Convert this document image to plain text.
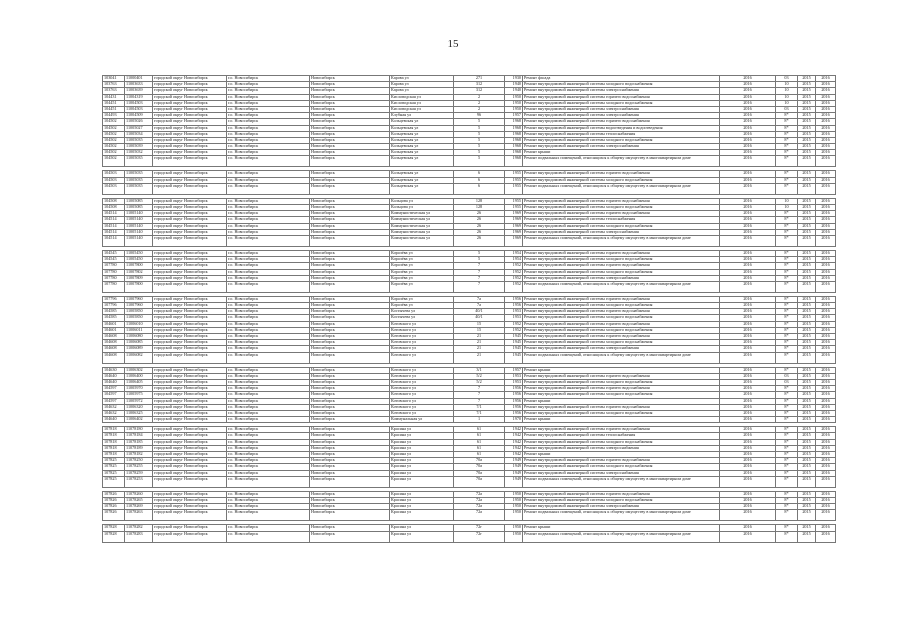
15
103041	11000401	городской округ Новосибирск	г.о. Новосибирск	Новосибирск	Карова ул	271	1930	Ремонт фасада	2016	03	2015	2016
103763	11003633	городской округ Новосибирск	г.о. Новосибирск	Новосибирск	Карова ул	312	1940	Ремонт внутридомовой инженерной системы холодного водоснабжения	2016	10	2015	2016
103763	11003639	городской округ Новосибирск	г.о. Новосибирск	Новосибирск	Карова ул	312	1940	Ремонт внутридомовой инженерной системы электроснабжения	2016	10	2015	2016
104431	11004319	городской округ Новосибирск	г.о. Новосибирск	Новосибирск	Кисловодская ул	2	1950	Ремонт внутридомовой инженерной системы горячего водоснабжения	2016	10	2015	2016
104451	11004503	городской округ Новосибирск	г.о. Новосибирск	Новосибирск	Кисловодская ул	2	1950	Ремонт внутридомовой инженерной системы холодного водоснабжения	2016	10	2015	2016
104451	11004503	городской округ Новосибирск	г.о. Новосибирск	Новосибирск	Кисловодская ул	2	1950	Ремонт внутридомовой инженерной системы электроснабжения	2016	03	2015	2016
104493	11004509	городской округ Новосибирск	г.о. Новосибирск	Новосибирск	Клубная ул	96	1957	Ремонт внутридомовой инженерной системы электроснабжения	2016	8*	2015	2016
104502	11005026	городской округ Новосибирск	г.о. Новосибирск	Новосибирск	Кольцевская ул	5	1968	Ремонт внутридомовой инженерной системы горячего водоснабжения	2016	8*	2015	2016
104502	11005027	городской округ Новосибирск	г.о. Новосибирск	Новосибирск	Кольцевская ул	5	1968	Ремонт внутридомовой инженерной системы водоотведения и водоотведения	2016	8*	2015	2016
104502	11005034	городской округ Новосибирск	г.о. Новосибирск	Новосибирск	Кольцевская ул	5	1968	Ремонт внутридомовой инженерной системы теплоснабжения	2016	8*	2015	2016
104502	11005035	городской округ Новосибирск	г.о. Новосибирск	Новосибирск	Кольцевская ул	5	1968	Ремонт внутридомовой инженерной системы холодного водоснабжения	2016	8*	2015	2016
104502	11005039	городской округ Новосибирск	г.о. Новосибирск	Новосибирск	Кольцевская ул	5	1968	Ремонт внутридомовой инженерной системы электроснабжения	2016	8*	2015	2016
104502	11005032	городской округ Новосибирск	г.о. Новосибирск	Новосибирск	Кольцевская ул	5	1968	Ремонт крыши	2016	8*	2015	2016
104502	11005035	городской округ Новосибирск	г.о. Новосибирск	Новосибирск	Кольцевская ул	5	1968	Ремонт подвальных помещений, относящихся к общему имуществу в многоквартирном доме	2016	8*	2015	2016

104503	11005035	городской округ Новосибирск	г.о. Новосибирск	Новосибирск	Кольцевская ул	6	1955	Ремонт внутридомовой инженерной системы горячего водоснабжения	2016	8*	2015	2016
104503	11005035	городской округ Новосибирск	г.о. Новосибирск	Новосибирск	Кольцевская ул	6	1955	Ремонт внутридомовой инженерной системы холодного водоснабжения	2016	8*	2015	2016
104503	11005035	городской округ Новосибирск	г.о. Новосибирск	Новосибирск	Кольцевская ул	6	1955	Ремонт подвальных помещений, относящихся к общему имуществу в многоквартирном доме	2016	8*	2015	2016

104508	11005085	городской округ Новосибирск	г.о. Новосибирск	Новосибирск	Кольцова ул	128	1955	Ремонт внутридомовой инженерной системы горячего водоснабжения	2016	10	2015	2016
104508	11005085	городской округ Новосибирск	г.о. Новосибирск	Новосибирск	Кольцова ул	128	1955	Ремонт внутридомовой инженерной системы холодного водоснабжения	2016	10	2015	2016
104514	11005140	городской округ Новосибирск	г.о. Новосибирск	Новосибирск	Коммунистическая ул	26	1969	Ремонт внутридомовой инженерной системы горячего водоснабжения	2016	8*	2015	2016
104514	11005140	городской округ Новосибирск	г.о. Новосибирск	Новосибирск	Коммунистическая ул	26	1969	Ремонт внутридомовой инженерной системы теплоснабжения	2016	8*	2015	2016
104514	11005140	городской округ Новосибирск	г.о. Новосибирск	Новосибирск	Коммунистическая ул	26	1969	Ремонт внутридомовой инженерной системы холодного водоснабжения	2016	8*	2015	2016
104514	11005140	городской округ Новосибирск	г.о. Новосибирск	Новосибирск	Коммунистическая ул	26	1969	Ремонт внутридомовой инженерной системы электроснабжения	2016	8*	2015	2016
104514	11005140	городской округ Новосибирск	г.о. Новосибирск	Новосибирск	Коммунистическая ул	26	1969	Ремонт подвальных помещений, относящихся к общему имуществу в многоквартирном доме	2016	8*	2015	2016

104545	11005450	городской округ Новосибирск	г.о. Новосибирск	Новосибирск	Королёва ул	5	1954	Ремонт внутридомовой инженерной системы горячего водоснабжения	2016	8*	2015	2016
104545	11005450	городской округ Новосибирск	г.о. Новосибирск	Новосибирск	Королёва ул	5	1954	Ремонт внутридомовой инженерной системы холодного водоснабжения	2016	8*	2015	2016
107780	11007800	городской округ Новосибирск	г.о. Новосибирск	Новосибирск	Королёва ул	7	1952	Ремонт внутридомовой инженерной системы горячего водоснабжения	2016	8*	2015	2016
107780	11007802	городской округ Новосибирск	г.о. Новосибирск	Новосибирск	Королёва ул	7	1952	Ремонт внутридомовой инженерной системы холодного водоснабжения	2016	8*	2015	2016
107780	11007809	городской округ Новосибирск	г.о. Новосибирск	Новосибирск	Королёва ул	7	1952	Ремонт внутридомовой инженерной системы электроснабжения	2016	8*	2015	2016
107780	11007800	городской округ Новосибирск	г.о. Новосибирск	Новосибирск	Королёва ул	7	1952	Ремонт подвальных помещений, относящихся к общему имуществу в многоквартирном доме	2016	8*	2015	2016

107796	11007960	городской округ Новосибирск	г.о. Новосибирск	Новосибирск	Королёва ул	7а	1956	Ремонт внутридомовой инженерной системы горячего водоснабжения	2016	8*	2015	2016
107796	11007960	городской округ Новосибирск	г.о. Новосибирск	Новосибирск	Королёва ул	7а	1956	Ремонт внутридомовой инженерной системы холодного водоснабжения	2016	8*	2015	2016
104585	11005850	городской округ Новосибирск	г.о. Новосибирск	Новосибирск	Костычева ул	40/1	1953	Ремонт внутридомовой инженерной системы горячего водоснабжения	2016	8*	2015	2016
104585	11005850	городской округ Новосибирск	г.о. Новосибирск	Новосибирск	Костычева ул	40/1	1953	Ремонт внутридомовой инженерной системы холодного водоснабжения	2016	8*	2015	2016
104601	11006010	городской округ Новосибирск	г.о. Новосибирск	Новосибирск	Котовского ул	15	1952	Ремонт внутридомовой инженерной системы горячего водоснабжения	2016	8*	2015	2016
104601	11006011	городской округ Новосибирск	г.о. Новосибирск	Новосибирск	Котовского ул	15	1952	Ремонт внутридомовой инженерной системы холодного водоснабжения	2016	8*	2015	2016
104608	11006080	городской округ Новосибирск	г.о. Новосибирск	Новосибирск	Котовского ул	21	1945	Ремонт внутридомовой инженерной системы горячего водоснабжения	2016	8*	2015	2016
104608	11006085	городской округ Новосибирск	г.о. Новосибирск	Новосибирск	Котовского ул	21	1945	Ремонт внутридомовой инженерной системы холодного водоснабжения	2016	8*	2015	2016
104608	11006089	городской округ Новосибирск	г.о. Новосибирск	Новосибирск	Котовского ул	21	1945	Ремонт внутридомовой инженерной системы электроснабжения	2016	8*	2015	2016
104608	11006082	городской округ Новосибирск	г.о. Новосибирск	Новосибирск	Котовского ул	21	1945	Ремонт подвальных помещений, относящихся к общему имуществу в многоквартирном доме	2016	8*	2015	2016

104630	11006302	городской округ Новосибирск	г.о. Новосибирск	Новосибирск	Котовского ул	3/1	1957	Ремонт крыши	2016	8*	2015	2016
104640	11006400	городской округ Новосибирск	г.о. Новосибирск	Новосибирск	Котовского ул	5/2	1953	Ремонт внутридомовой инженерной системы горячего водоснабжения	2016	03	2015	2016
104640	11006405	городской округ Новосибирск	г.о. Новосибирск	Новосибирск	Котовского ул	5/2	1953	Ремонт внутридомовой инженерной системы холодного водоснабжения	2016	03	2015	2016
104597	11005970	городской округ Новосибирск	г.о. Новосибирск	Новосибирск	Котовского ул	7	1956	Ремонт внутридомовой инженерной системы горячего водоснабжения	2016	8*	2015	2016
104597	11005975	городской округ Новосибирск	г.о. Новосибирск	Новосибирск	Котовского ул	7	1956	Ремонт внутридомовой инженерной системы холодного водоснабжения	2016	8*	2015	2016
104597	11005972	городской округ Новосибирск	г.о. Новосибирск	Новосибирск	Котовского ул	7	1956	Ремонт крыши	2016	8*	2015	2016
104632	11006320	городской округ Новосибирск	г.о. Новосибирск	Новосибирск	Котовского ул	7/1	1956	Ремонт внутридомовой инженерной системы горячего водоснабжения	2016	8*	2015	2016
104632	11006325	городской округ Новосибирск	г.о. Новосибирск	Новосибирск	Котовского ул	7/1	1956	Ремонт внутридомовой инженерной системы холодного водоснабжения	2016	8*	2015	2016
104640	11006402	городской округ Новосибирск	г.о. Новосибирск	Новосибирск	Коммунальная ул	1	1970	Ремонт крыши	2016	8*	2015	2016

107818	11078180	городской округ Новосибирск	г.о. Новосибирск	Новосибирск	Красина ул	61	1942	Ремонт внутридомовой инженерной системы горячего водоснабжения	2016	8*	2015	2016
107818	11078184	городской округ Новосибирск	г.о. Новосибирск	Новосибирск	Красина ул	61	1942	Ремонт внутридомовой инженерной системы теплоснабжения	2016	8*	2015	2016
107818	11078185	городской округ Новосибирск	г.о. Новосибирск	Новосибирск	Красина ул	61	1942	Ремонт внутридомовой инженерной системы холодного водоснабжения	2016	8*	2015	2016
107818	11078189	городской округ Новосибирск	г.о. Новосибирск	Новосибирск	Красина ул	61	1942	Ремонт внутридомовой инженерной системы электроснабжения	2016	8*	2015	2016
107818	11078182	городской округ Новосибирск	г.о. Новосибирск	Новосибирск	Красина ул	61	1942	Ремонт крыши	2016	8*	2015	2016
107825	11078250	городской округ Новосибирск	г.о. Новосибирск	Новосибирск	Красина ул	70а	1949	Ремонт внутридомовой инженерной системы горячего водоснабжения	2016	8*	2015	2016
107825	11078255	городской округ Новосибирск	г.о. Новосибирск	Новосибирск	Красина ул	70а	1949	Ремонт внутридомовой инженерной системы холодного водоснабжения	2016	8*	2015	2016
107825	11078259	городской округ Новосибирск	г.о. Новосибирск	Новосибирск	Красина ул	70а	1949	Ремонт внутридомовой инженерной системы электроснабжения	2016	8*	2015	2016
107825	11078253	городской округ Новосибирск	г.о. Новосибирск	Новосибирск	Красина ул	70а	1949	Ремонт подвальных помещений, относящихся к общему имуществу в многоквартирном доме	2016	8*	2015	2016

107826	11078260	городской округ Новосибирск	г.о. Новосибирск	Новосибирск	Красина ул	72а	1950	Ремонт внутридомовой инженерной системы горячего водоснабжения	2016	8*	2015	2016
107826	11078265	городской округ Новосибирск	г.о. Новосибирск	Новосибирск	Красина ул	72а	1950	Ремонт внутридомовой инженерной системы холодного водоснабжения	2016	8*	2015	2016
107826	11078269	городской округ Новосибирск	г.о. Новосибирск	Новосибирск	Красина ул	72а	1950	Ремонт внутридомовой инженерной системы электроснабжения	2016	8*	2015	2016
107826	11078263	городской округ Новосибирск	г.о. Новосибирск	Новосибирск	Красина ул	72а	1950	Ремонт подвальных помещений, относящихся к общему имуществу в многоквартирном доме	2016	8*	2015	2016

107828	11078282	городской округ Новосибирск	г.о. Новосибирск	Новосибирск	Красина ул	72г	1950	Ремонт крыши	2016	8*	2015	2016
107828	11078283	городской округ Новосибирск	г.о. Новосибирск	Новосибирск	Красина ул	72г	1950	Ремонт подвальных помещений, относящихся к общему имуществу в многоквартирном доме	2016	8*	2015	2016
